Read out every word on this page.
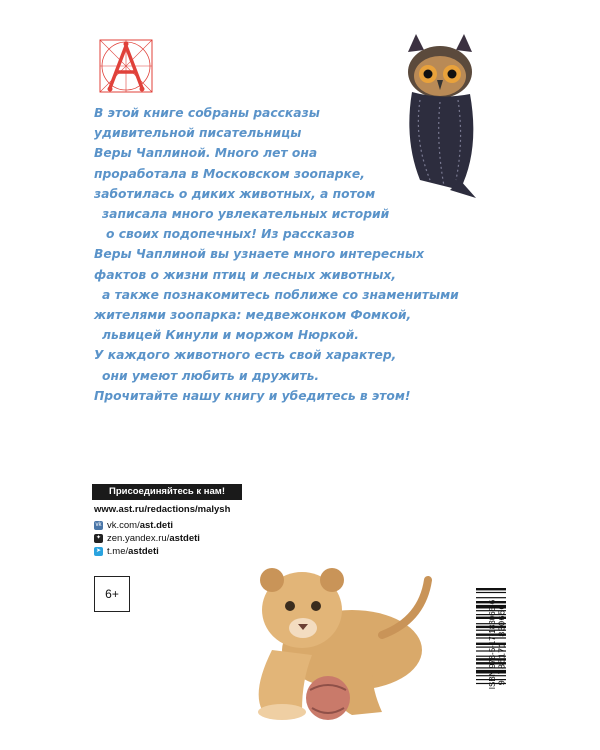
В этой книге собраны рассказы
удивительной писательницы
Веры Чаплиной. Много лет она
проработала в Московском зоопарке,
заботилась о диких животных, а потом
записала много увлекательных историй
о своих подопечных! Из рассказов
Веры Чаплиной вы узнаете много интересных
фактов о жизни птиц и лесных животных,
а также познакомитесь поближе со знаменитыми
жителями зоопарка: медвежонком Фомкой,
львицей Кинули и моржом Нюркой.
У каждого животного есть свой характер,
они умеют любить и дружить.
Прочитайте нашу книгу и убедитесь в этом!

Присоединяйтесь к нам!
www.ast.ru/redactions/malysh
vk vk.com/ast.deti
✦ zen.yandex.ru/astdeti
➤ t.me/astdeti
6+
9 785171 830656
